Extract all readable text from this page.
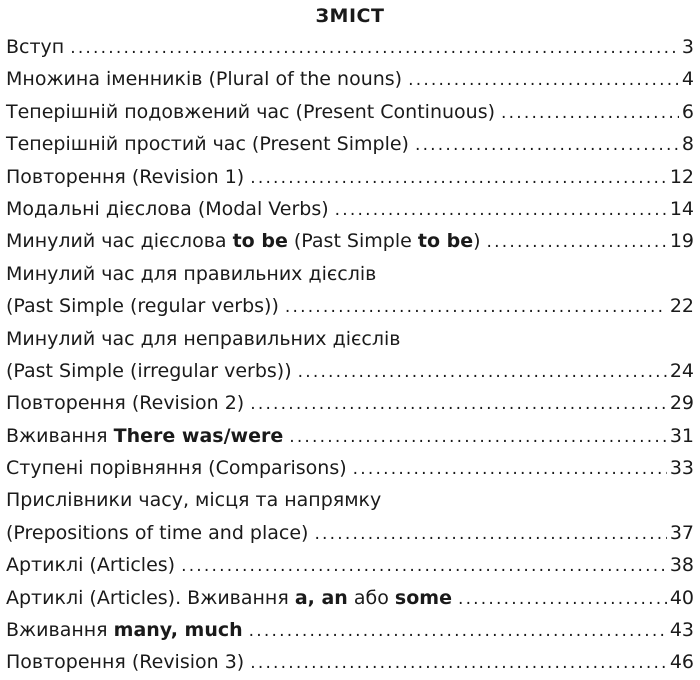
ЗМІСТ
Вступ . . .	3
Множина іменників (Plural of the nouns) . . .	4
Теперішній подовжений час (Present Continuous) . . .	6
Теперішній простий час (Present Simple) . . .	8
Повторення (Revision 1) . . .	12
Модальні дієслова (Modal Verbs) . . .	14
Минулий час дієслова to be (Past Simple to be) . . .	19
Минулий час для правильних дієслів
(Past Simple (regular verbs)) . . .	22
Минулий час для неправильних дієслів
(Past Simple (irregular verbs)) . . .	24
Повторення (Revision 2) . . .	29
Вживання There was/were . . .	31
Ступені порівняння (Comparisons) . . .	33
Прислівники часу, місця та напрямку
(Prepositions of time and place) . . .	37
Артиклі (Articles) . . .	38
Артиклі (Articles). Вживання a, an або some . . .	40
Вживання many, much . . .	43
Повторення (Revision 3) . . .	46
